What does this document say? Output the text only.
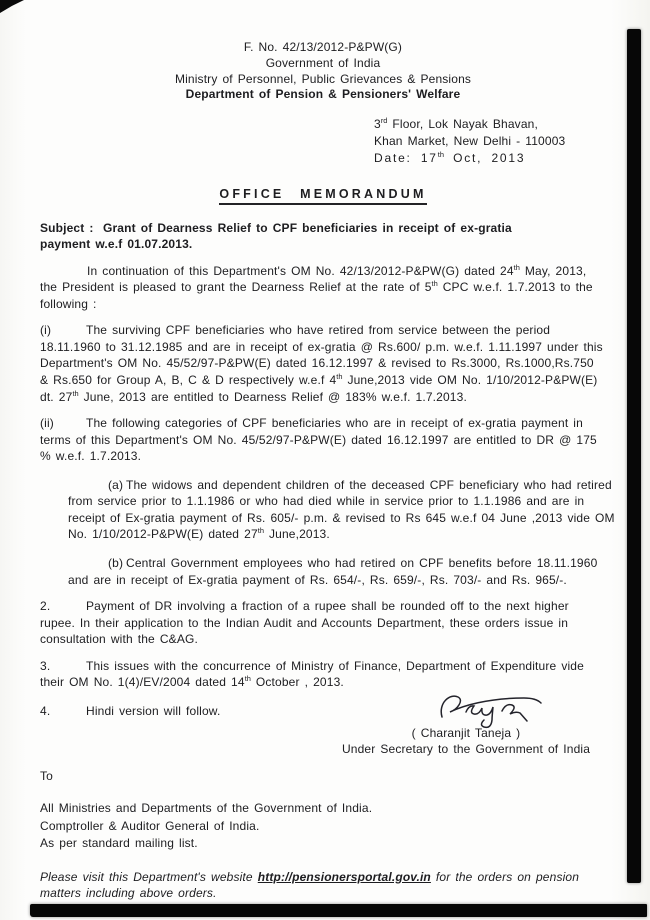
F. No. 42/13/2012-P&PW(G)
Government of India
Ministry of Personnel, Public Grievances & Pensions
Department of Pension & Pensioners' Welfare
3rd Floor, Lok Nayak Bhavan,
Khan Market, New Delhi - 110003
Date: 17th Oct, 2013
OFFICE MEMORANDUM

Subject : Grant of Dearness Relief to CPF beneficiaries in receipt of ex-gratia payment w.e.f 01.07.2013.

In continuation of this Department's OM No. 42/13/2012-P&PW(G) dated 24th May, 2013, the President is pleased to grant the Dearness Relief at the rate of 5th CPC w.e.f. 1.7.2013 to the following :

(i)	The surviving CPF beneficiaries who have retired from service between the period 18.11.1960 to 31.12.1985 and are in receipt of ex-gratia @ Rs.600/ p.m. w.e.f. 1.11.1997 under this Department's OM No. 45/52/97-P&PW(E) dated 16.12.1997 & revised to Rs.3000, Rs.1000,Rs.750 & Rs.650 for Group A, B, C & D respectively w.e.f 4th June,2013 vide OM No. 1/10/2012-P&PW(E) dt. 27th June, 2013 are entitled to Dearness Relief @ 183% w.e.f. 1.7.2013.

(ii)	The following categories of CPF beneficiaries who are in receipt of ex-gratia payment in terms of this Department's OM No. 45/52/97-P&PW(E) dated 16.12.1997 are entitled to DR @ 175 % w.e.f. 1.7.2013.

(a) The widows and dependent children of the deceased CPF beneficiary who had retired from service prior to 1.1.1986 or who had died while in service prior to 1.1.1986 and are in receipt of Ex-gratia payment of Rs. 605/- p.m. & revised to Rs 645 w.e.f 04 June ,2013 vide OM No. 1/10/2012-P&PW(E) dated 27th June,2013.

(b) Central Government employees who had retired on CPF benefits before 18.11.1960 and are in receipt of Ex-gratia payment of Rs. 654/-, Rs. 659/-, Rs. 703/- and Rs. 965/-.

2.	Payment of DR involving a fraction of a rupee shall be rounded off to the next higher rupee. In their application to the Indian Audit and Accounts Department, these orders issue in consultation with the C&AG.

3.	This issues with the concurrence of Ministry of Finance, Department of Expenditure vide their OM No. 1(4)/EV/2004 dated 14th October , 2013.

4.	Hindi version will follow.

( Charanjit Taneja )
Under Secretary to the Government of India
To
All Ministries and Departments of the Government of India.
Comptroller & Auditor General of India.
As per standard mailing list.

Please visit this Department's website http://pensionersportal.gov.in for the orders on pension matters including above orders.
